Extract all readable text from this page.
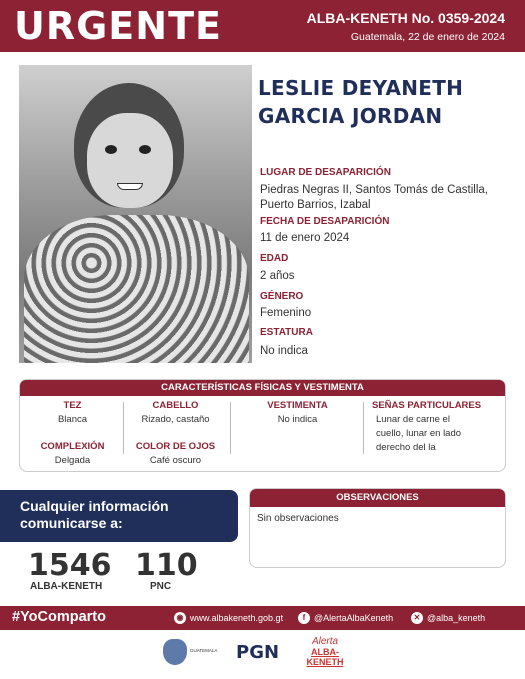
URGENTE	ALBA-KENETH No. 0359-2024
Guatemala, 22 de enero de 2024
LESLIE DEYANETH
GARCIA JORDAN
LUGAR DE DESAPARICIÓN
Piedras Negras II, Santos Tomás de Castilla,
Puerto Barrios, Izabal
FECHA DE DESAPARICIÓN
11 de enero 2024
EDAD
2 años
GÉNERO
Femenino
ESTATURA
No indica
CARACTERÍSTICAS FÍSICAS Y VESTIMENTA
TEZ
Blanca
COMPLEXIÓN
Delgada
CABELLO
Rizado, castaño
COLOR DE OJOS
Café oscuro
VESTIMENTA
No indica
SEÑAS PARTICULARES
Lunar de carne el
cuello, lunar en lado
derecho del la
Cualquier información
comunicarse a:
1546
ALBA-KENETH
110
PNC
OBSERVACIONES
Sin observaciones
#YoComparto	◉ www.albakeneth.gob.gt	f @AlertaAlbaKeneth	✕ @alba_keneth
GUATEMALA	PGN
Alerta
ALBA-KENETH
